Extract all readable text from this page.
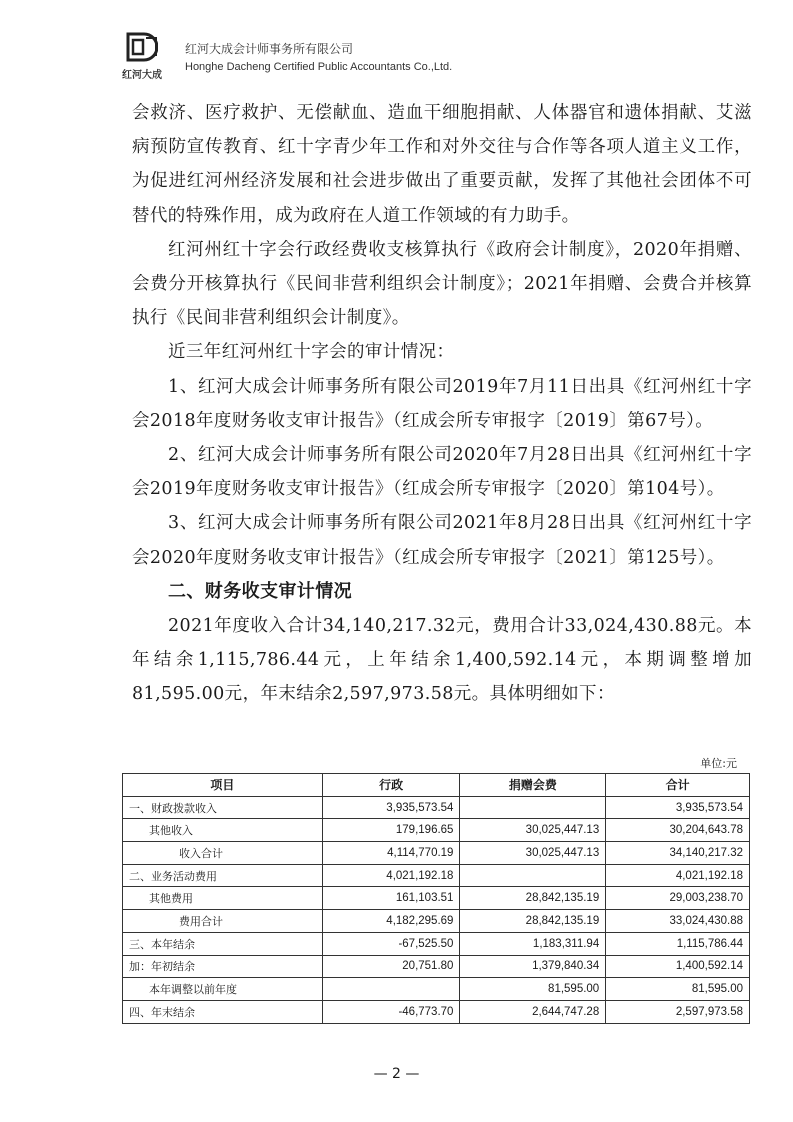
红河大成
红河大成会计师事务所有限公司
Honghe Dacheng Certified Public Accountants Co.,Ltd.

会救济、医疗救护、无偿献血、造血干细胞捐献、人体器官和遗体捐献、艾滋病预防宣传教育、红十字青少年工作和对外交往与合作等各项人道主义工作，为促进红河州经济发展和社会进步做出了重要贡献，发挥了其他社会团体不可替代的特殊作用，成为政府在人道工作领域的有力助手。

红河州红十字会行政经费收支核算执行《政府会计制度》，2020年捐赠、会费分开核算执行《民间非营利组织会计制度》；2021年捐赠、会费合并核算执行《民间非营利组织会计制度》。

近三年红河州红十字会的审计情况：

1、红河大成会计师事务所有限公司2019年7月11日出具《红河州红十字会2018年度财务收支审计报告》（红成会所专审报字〔2019〕第67号）。

2、红河大成会计师事务所有限公司2020年7月28日出具《红河州红十字会2019年度财务收支审计报告》（红成会所专审报字〔2020〕第104号）。

3、红河大成会计师事务所有限公司2021年8月28日出具《红河州红十字会2020年度财务收支审计报告》（红成会所专审报字〔2021〕第125号）。

二、财务收支审计情况

2021年度收入合计34,140,217.32元，费用合计33,024,430.88元。本年结余1,115,786.44元，上年结余1,400,592.14元，本期调整增加81,595.00元，年末结余2,597,973.58元。具体明细如下：

单位:元
项目	行政	捐赠会费	合计
一、财政拨款收入	3,935,573.54		3,935,573.54
其他收入	179,196.65	30,025,447.13	30,204,643.78
收入合计	4,114,770.19	30,025,447.13	34,140,217.32
二、业务活动费用	4,021,192.18		4,021,192.18
其他费用	161,103.51	28,842,135.19	29,003,238.70
费用合计	4,182,295.69	28,842,135.19	33,024,430.88
三、本年结余	-67,525.50	1,183,311.94	1,115,786.44
加：年初结余	20,751.80	1,379,840.34	1,400,592.14
本年调整以前年度		81,595.00	81,595.00
四、年末结余	-46,773.70	2,644,747.28	2,597,973.58
— 2 —
